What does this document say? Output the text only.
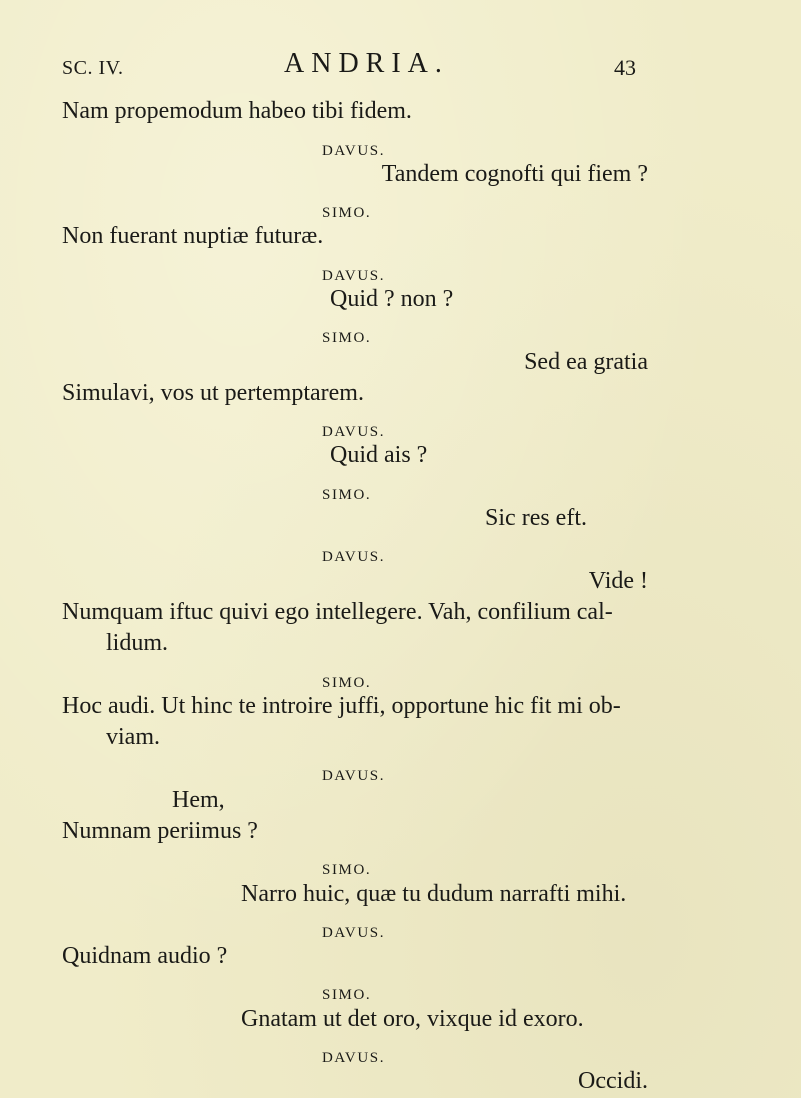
SC. IV.	ANDRIA.	43
Nam propemodum habeo tibi fidem.
DAVUS.
Tandem cognofti qui fiem ?
SIMO.
Non fuerant nuptiæ futuræ.
DAVUS.
Quid ? non ?
SIMO.
Sed ea gratia
Simulavi, vos ut pertemptarem.
DAVUS.
Quid ais ?
SIMO.
Sic res eft.
DAVUS.
Vide !
Numquam iftuc quivi ego intellegere. Vah, confilium cal-
lidum.
SIMO.
Hoc audi. Ut hinc te introire juffi, opportune hic fit mi ob-
viam.
DAVUS.
Hem,
Numnam periimus ?
SIMO.
Narro huic, quæ tu dudum narrafti mihi.
DAVUS.
Quidnam audio ?
SIMO.
Gnatam ut det oro, vixque id exoro.
DAVUS.
Occidi.
